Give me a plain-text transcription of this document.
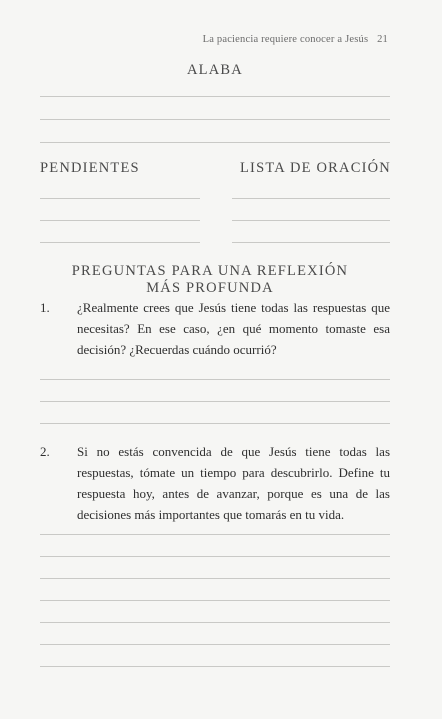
La paciencia requiere conocer a Jesús 21
ALABA
PENDIENTES	LISTA DE ORACIÓN
PREGUNTAS PARA UNA REFLEXIÓN
MÁS PROFUNDA
1.	¿Realmente crees que Jesús tiene todas las respuestas que necesitas? En ese caso, ¿en qué momento tomaste esa decisión? ¿Recuerdas cuándo ocurrió?
2.	Si no estás convencida de que Jesús tiene todas las respuestas, tómate un tiempo para descubrirlo. Define tu respuesta hoy, antes de avanzar, porque es una de las decisiones más importantes que tomarás en tu vida.
